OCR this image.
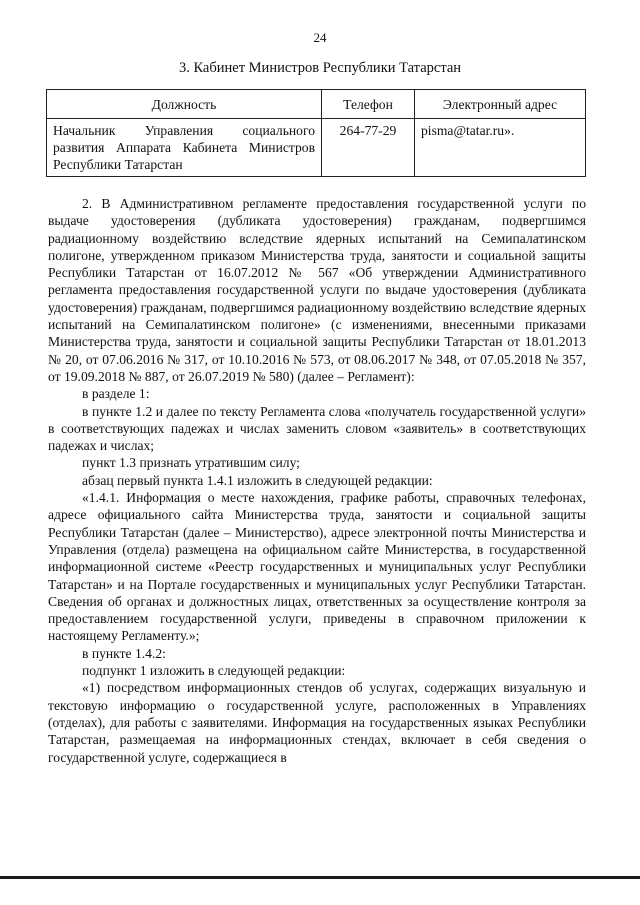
24
3. Кабинет Министров Республики Татарстан
Должность	Телефон	Электронный адрес
Начальник Управления социального развития Аппарата Кабинета Министров Республики Татарстан	264-77-29	pisma@tatar.ru».

2. В Административном регламенте предоставления государственной услуги по выдаче удостоверения (дубликата удостоверения) гражданам, подвергшимся радиационному воздействию вследствие ядерных испытаний на Семипалатинском полигоне, утвержденном приказом Министерства труда, занятости и социальной защиты Республики Татарстан от 16.07.2012 № 567 «Об утверждении Административного регламента предоставления государственной услуги по выдаче удостоверения (дубликата удостоверения) гражданам, подвергшимся радиационному воздействию вследствие ядерных испытаний на Семипалатинском полигоне» (с изменениями, внесенными приказами Министерства труда, занятости и социальной защиты Республики Татарстан от 18.01.2013 № 20, от 07.06.2016 № 317, от 10.10.2016 № 573, от 08.06.2017 № 348, от 07.05.2018 № 357, от 19.09.2018 № 887, от 26.07.2019 № 580) (далее – Регламент):

в разделе 1:

в пункте 1.2 и далее по тексту Регламента слова «получатель государственной услуги» в соответствующих падежах и числах заменить словом «заявитель» в соответствующих падежах и числах;

пункт 1.3 признать утратившим силу;

абзац первый пункта 1.4.1 изложить в следующей редакции:

«1.4.1. Информация о месте нахождения, графике работы, справочных телефонах, адресе официального сайта Министерства труда, занятости и социальной защиты Республики Татарстан (далее – Министерство), адресе электронной почты Министерства и Управления (отдела) размещена на официальном сайте Министерства, в государственной информационной системе «Реестр государственных и муниципальных услуг Республики Татарстан» и на Портале государственных и муниципальных услуг Республики Татарстан. Сведения об органах и должностных лицах, ответственных за осуществление контроля за предоставлением государственной услуги, приведены в справочном приложении к настоящему Регламенту.»;

в пункте 1.4.2:

подпункт 1 изложить в следующей редакции:

«1) посредством информационных стендов об услугах, содержащих визуальную и текстовую информацию о государственной услуге, расположенных в Управлениях (отделах), для работы с заявителями. Информация на государственных языках Республики Татарстан, размещаемая на информационных стендах, включает в себя сведения о государственной услуге, содержащиеся в
